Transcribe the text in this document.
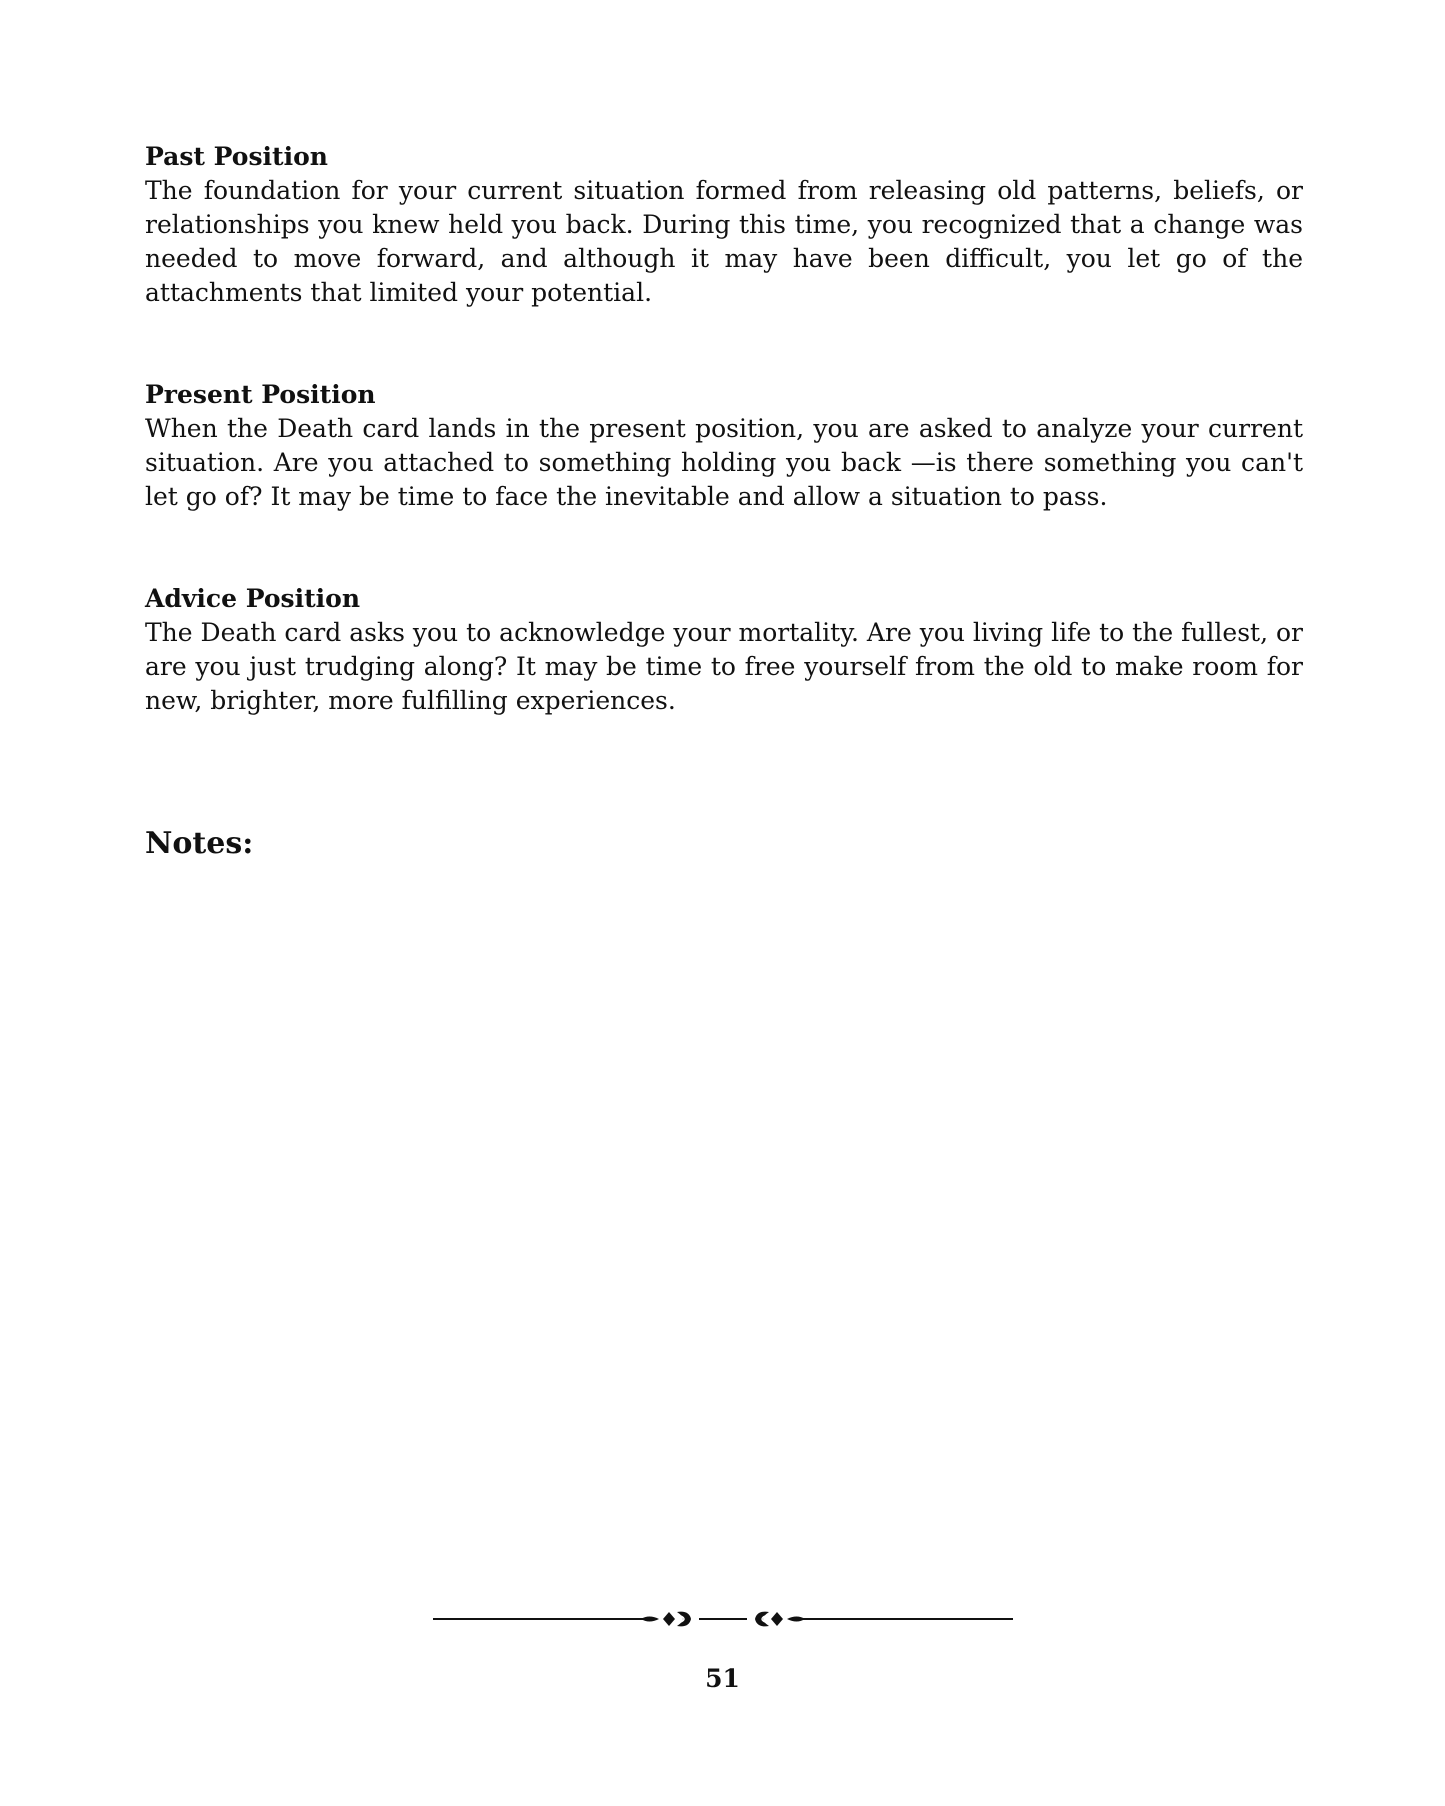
Past Position

The foundation for your current situation formed from releasing old patterns, beliefs, or relationships you knew held you back. During this time, you recognized that a change was needed to move forward, and although it may have been difficult, you let go of the attachments that limited your potential.

Present Position

When the Death card lands in the present position, you are asked to analyze your current situation. Are you attached to something holding you back —is there something you can't let go of? It may be time to face the inevitable and allow a situation to pass.

Advice Position

The Death card asks you to acknowledge your mortality. Are you living life to the fullest, or are you just trudging along? It may be time to free yourself from the old to make room for new, brighter, more fulfilling experiences.

Notes:

51
